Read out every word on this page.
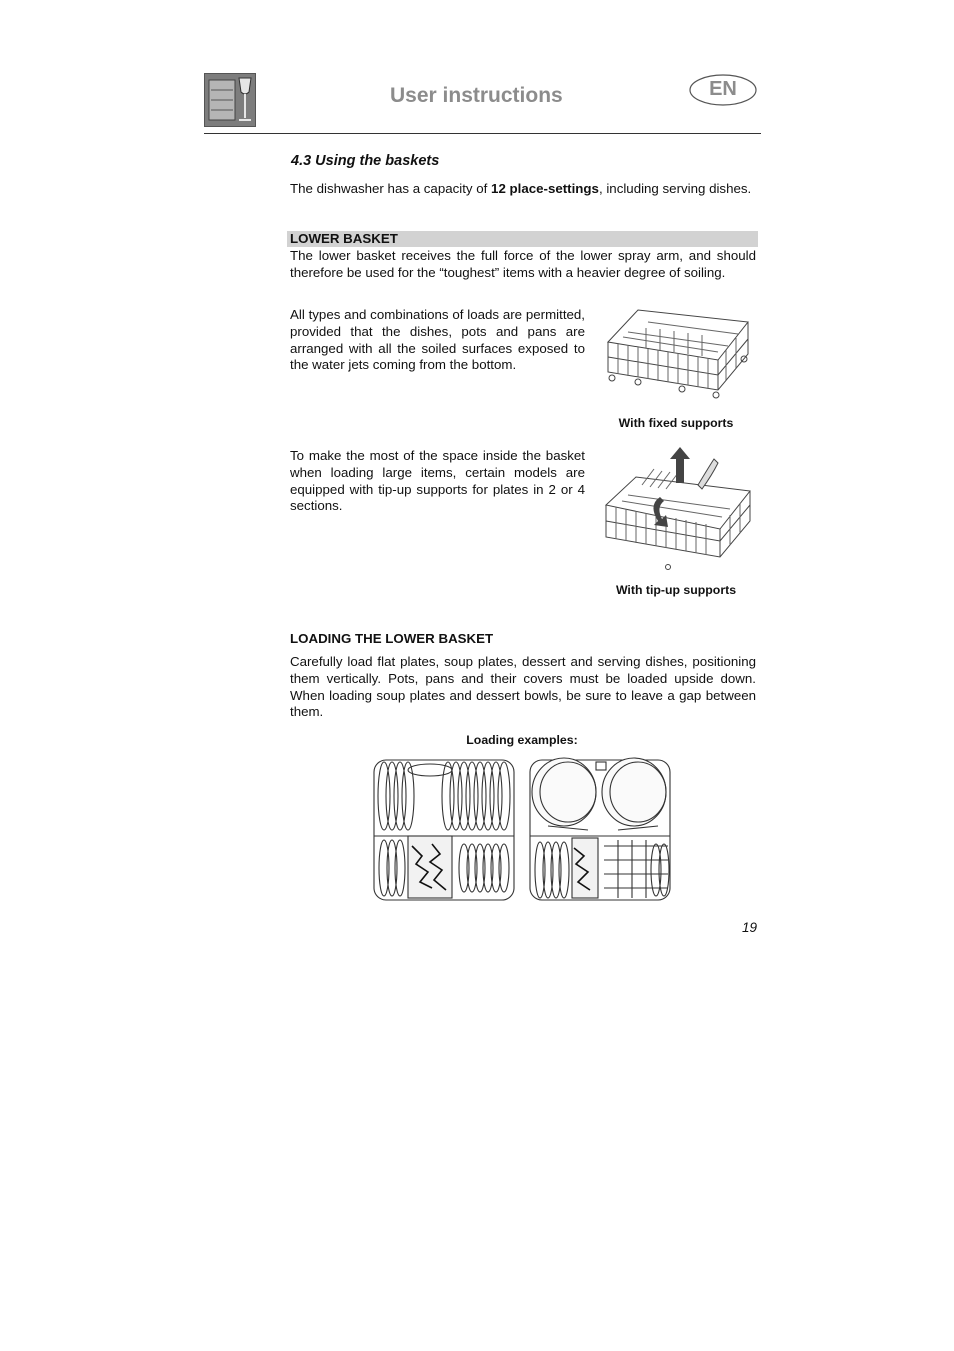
User instructions	EN
4.3 Using the baskets
The dishwasher has a capacity of 12 place-settings, including serving dishes.
LOWER BASKET
The lower basket receives the full force of the lower spray arm, and should therefore be used for the “toughest” items with a heavier degree of soiling.
All types and combinations of loads are permitted, provided that the dishes, pots and pans are arranged with all the soiled surfaces exposed to the water jets coming from the bottom.
With fixed supports
To make the most of the space inside the basket when loading large items, certain models are equipped with tip-up supports for plates in 2 or 4 sections.
With tip-up supports
LOADING THE LOWER BASKET
Carefully load flat plates, soup plates, dessert and serving dishes, positioning them vertically. Pots, pans and their covers must be loaded upside down. When loading soup plates and dessert bowls, be sure to leave a gap between them.
Loading examples:
19
